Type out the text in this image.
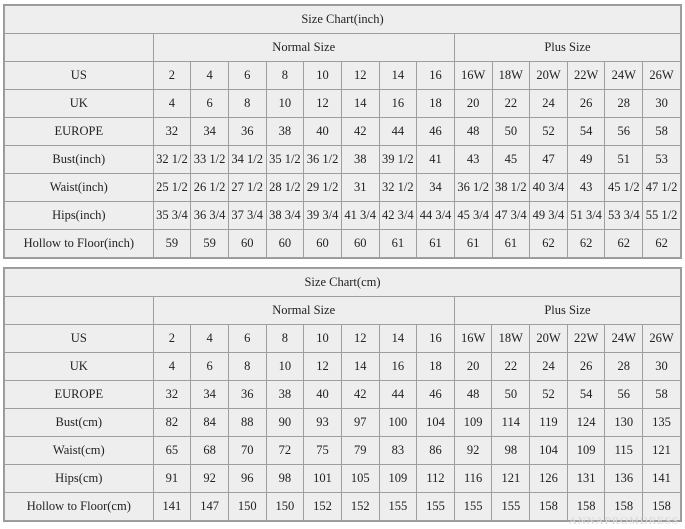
Size Chart(inch)														
	Normal Size								Plus Size					
US	2	4	6	8	10	12	14	16	16W	18W	20W	22W	24W	26W
UK	4	6	8	10	12	14	16	18	20	22	24	26	28	30
EUROPE	32	34	36	38	40	42	44	46	48	50	52	54	56	58
Bust(inch)	32 1/2	33 1/2	34 1/2	35 1/2	36 1/2	38	39 1/2	41	43	45	47	49	51	53
Waist(inch)	25 1/2	26 1/2	27 1/2	28 1/2	29 1/2	31	32 1/2	34	36 1/2	38 1/2	40 3/4	43	45 1/2	47 1/2
Hips(inch)	35 3/4	36 3/4	37 3/4	38 3/4	39 3/4	41 3/4	42 3/4	44 3/4	45 3/4	47 3/4	49 3/4	51 3/4	53 3/4	55 1/2
Hollow to Floor(inch)	59	59	60	60	60	60	61	61	61	61	62	62	62	62
Size Chart(cm)														
	Normal Size								Plus Size					
US	2	4	6	8	10	12	14	16	16W	18W	20W	22W	24W	26W
UK	4	6	8	10	12	14	16	18	20	22	24	26	28	30
EUROPE	32	34	36	38	40	42	44	46	48	50	52	54	56	58
Bust(cm)	82	84	88	90	93	97	100	104	109	114	119	124	130	135
Waist(cm)	65	68	70	72	75	79	83	86	92	98	104	109	115	121
Hips(cm)	91	92	96	98	101	105	109	112	116	121	126	131	136	141
Hollow to Floor(cm)	141	147	150	150	152	152	155	155	155	155	158	158	158	158
ANNAPROMDRESS
